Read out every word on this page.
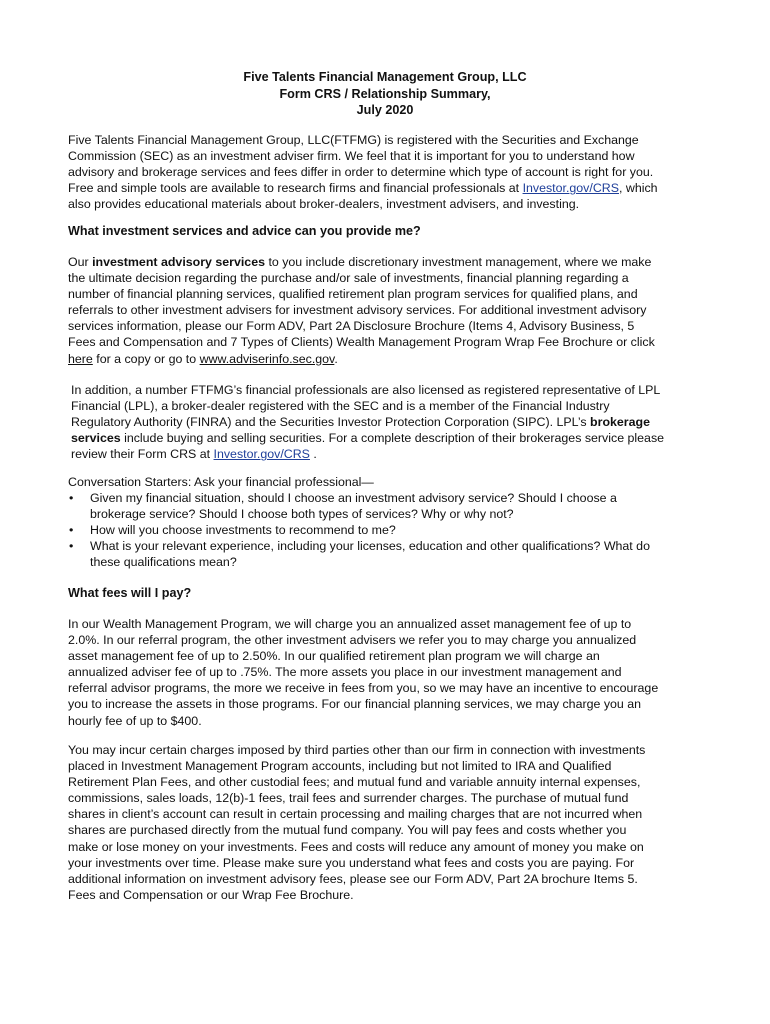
Five Talents Financial Management Group, LLC
Form CRS / Relationship Summary,
July 2020
Five Talents Financial Management Group, LLC(FTFMG) is registered with the Securities and Exchange
Commission (SEC) as an investment adviser firm. We feel that it is important for you to understand how
advisory and brokerage services and fees differ in order to determine which type of account is right for you.
Free and simple tools are available to research firms and financial professionals at Investor.gov/CRS, which
also provides educational materials about broker-dealers, investment advisers, and investing.
What investment services and advice can you provide me?
Our investment advisory services to you include discretionary investment management, where we make
the ultimate decision regarding the purchase and/or sale of investments, financial planning regarding a
number of financial planning services, qualified retirement plan program services for qualified plans, and
referrals to other investment advisers for investment advisory services. For additional investment advisory
services information, please our Form ADV, Part 2A Disclosure Brochure (Items 4, Advisory Business, 5
Fees and Compensation and 7 Types of Clients) Wealth Management Program Wrap Fee Brochure or click
here for a copy or go to www.adviserinfo.sec.gov.
In addition, a number FTFMG’s financial professionals are also licensed as registered representative of LPL
Financial (LPL), a broker-dealer registered with the SEC and is a member of the Financial Industry
Regulatory Authority (FINRA) and the Securities Investor Protection Corporation (SIPC). LPL’s brokerage
services include buying and selling securities. For a complete description of their brokerages service please
review their Form CRS at Investor.gov/CRS .
Conversation Starters: Ask your financial professional—
• Given my financial situation, should I choose an investment advisory service? Should I choose a
brokerage service? Should I choose both types of services? Why or why not?
• How will you choose investments to recommend to me?
• What is your relevant experience, including your licenses, education and other qualifications? What do
these qualifications mean?
What fees will I pay?
In our Wealth Management Program, we will charge you an annualized asset management fee of up to
2.0%. In our referral program, the other investment advisers we refer you to may charge you annualized
asset management fee of up to 2.50%. In our qualified retirement plan program we will charge an
annualized adviser fee of up to .75%. The more assets you place in our investment management and
referral advisor programs, the more we receive in fees from you, so we may have an incentive to encourage
you to increase the assets in those programs. For our financial planning services, we may charge you an
hourly fee of up to $400.
You may incur certain charges imposed by third parties other than our firm in connection with investments
placed in Investment Management Program accounts, including but not limited to IRA and Qualified
Retirement Plan Fees, and other custodial fees; and mutual fund and variable annuity internal expenses,
commissions, sales loads, 12(b)-1 fees, trail fees and surrender charges. The purchase of mutual fund
shares in client’s account can result in certain processing and mailing charges that are not incurred when
shares are purchased directly from the mutual fund company. You will pay fees and costs whether you
make or lose money on your investments. Fees and costs will reduce any amount of money you make on
your investments over time. Please make sure you understand what fees and costs you are paying. For
additional information on investment advisory fees, please see our Form ADV, Part 2A brochure Items 5.
Fees and Compensation or our Wrap Fee Brochure.
